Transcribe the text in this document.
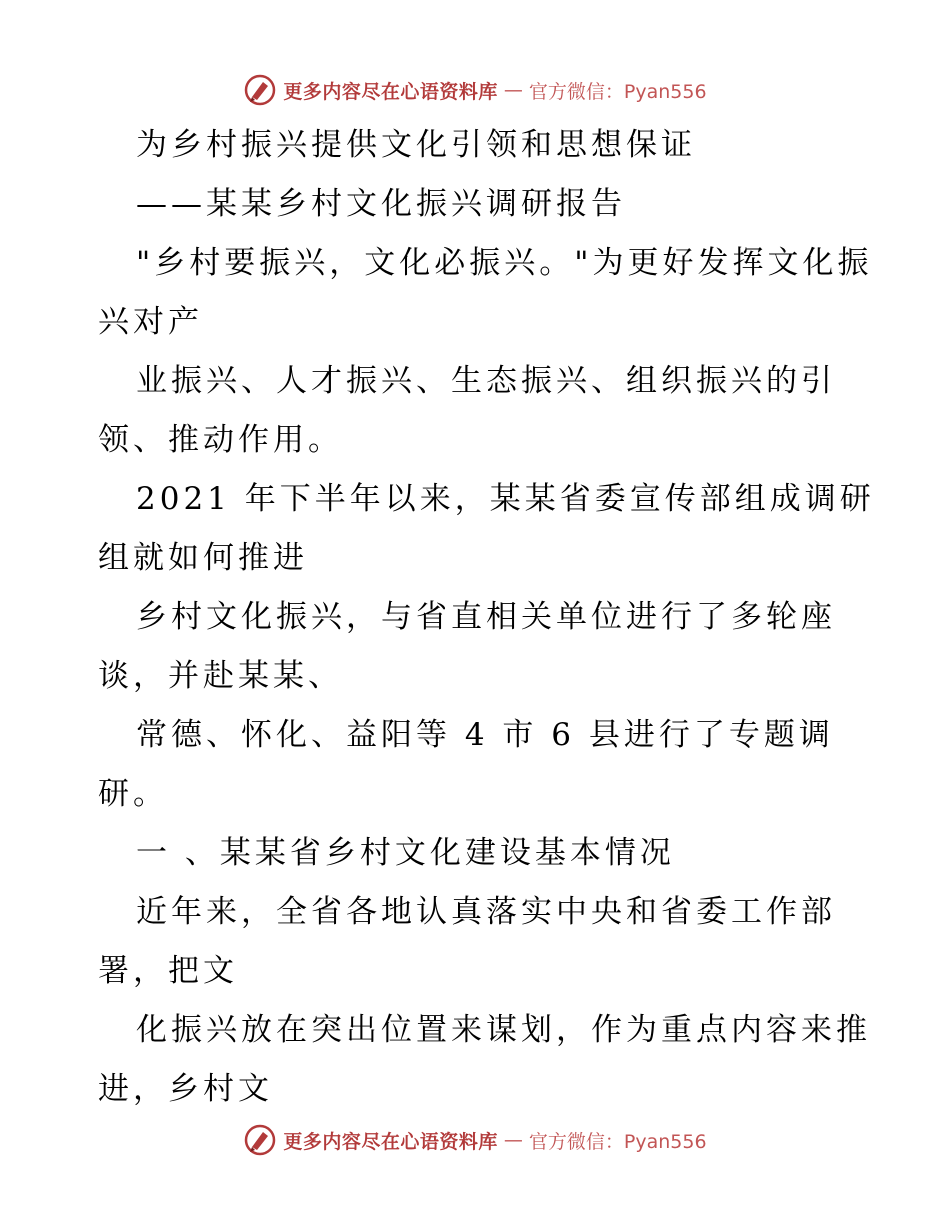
更多内容尽在心语资料库 — 官方微信：Pyan556
为乡村振兴提供文化引领和思想保证
——某某乡村文化振兴调研报告
"乡村要振兴，文化必振兴。"为更好发挥文化振
兴对产
业振兴、人才振兴、生态振兴、组织振兴的引
领、推动作用。
2021 年下半年以来，某某省委宣传部组成调研
组就如何推进
乡村文化振兴，与省直相关单位进行了多轮座
谈，并赴某某、
常德、怀化、益阳等 4 市 6 县进行了专题调
研。
一 、某某省乡村文化建设基本情况
近年来，全省各地认真落实中央和省委工作部
署，把文
化振兴放在突出位置来谋划，作为重点内容来推
进，乡村文
更多内容尽在心语资料库 — 官方微信：Pyan556
